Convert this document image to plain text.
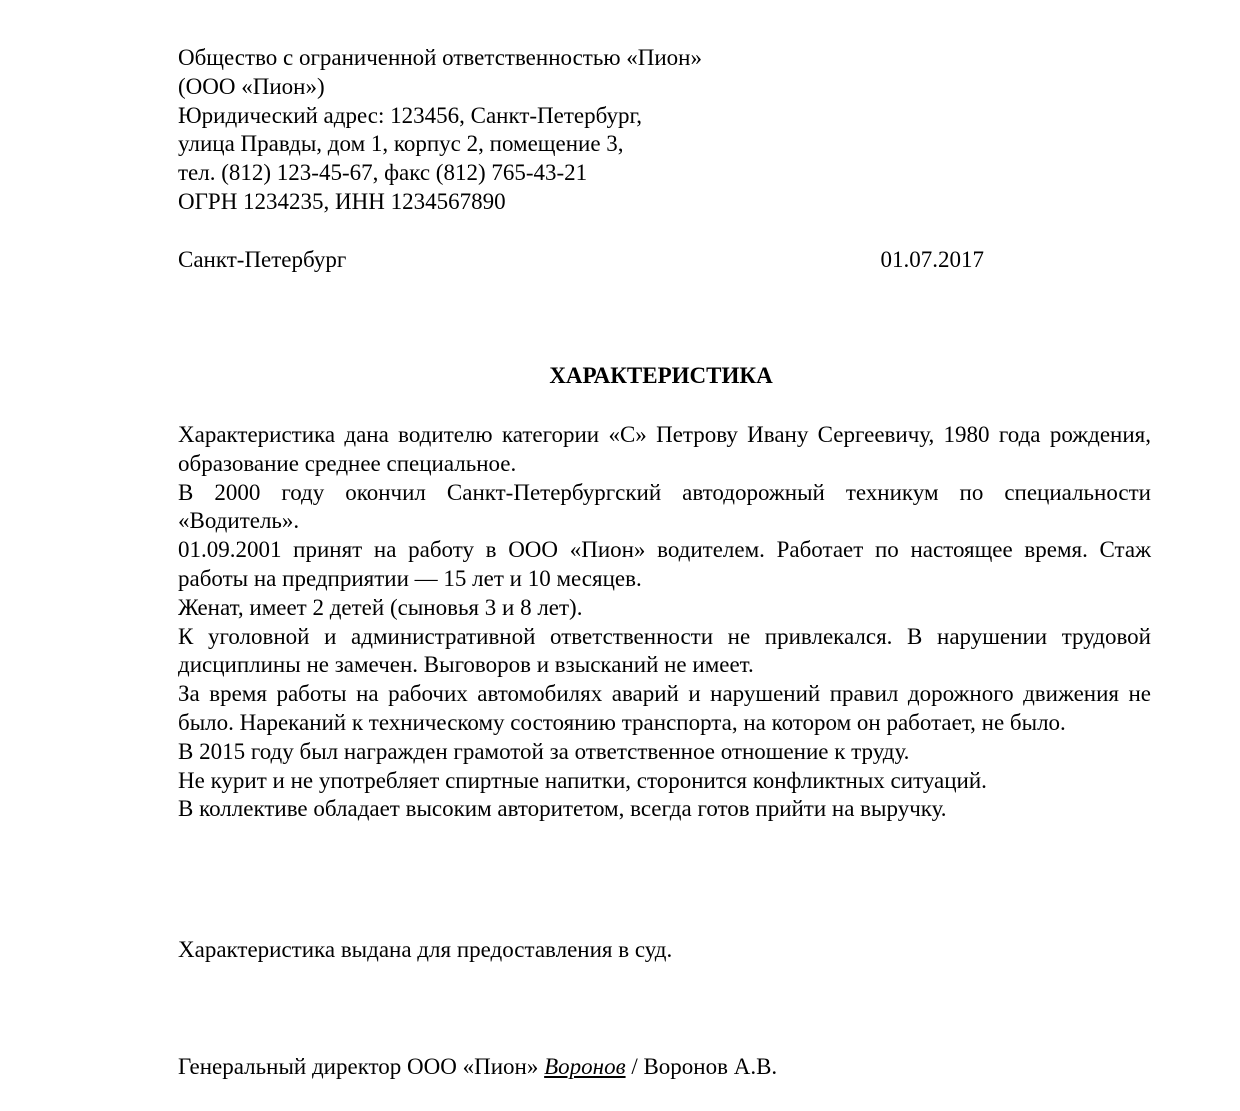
Общество с ограниченной ответственностью «Пион»
(ООО «Пион»)
Юридический адрес: 123456, Санкт-Петербург,
улица Правды, дом 1, корпус 2, помещение 3,
тел. (812) 123-45-67, факс (812) 765-43-21
ОГРН 1234235, ИНН 1234567890
Санкт-Петербург	01.07.2017
ХАРАКТЕРИСТИКА

Характеристика дана водителю категории «С» Петрову Ивану Сергеевичу, 1980 года рождения, образование среднее специальное.

В 2000 году окончил Санкт-Петербургский автодорожный техникум по специальности «Водитель».

01.09.2001 принят на работу в ООО «Пион» водителем. Работает по настоящее время. Стаж работы на предприятии — 15 лет и 10 месяцев.

Женат, имеет 2 детей (сыновья 3 и 8 лет).

К уголовной и административной ответственности не привлекался. В нарушении трудовой дисциплины не замечен. Выговоров и взысканий не имеет.

За время работы на рабочих автомобилях аварий и нарушений правил дорожного движения не было. Нареканий к техническому состоянию транспорта, на котором он работает, не было.

В 2015 году был награжден грамотой за ответственное отношение к труду.

Не курит и не употребляет спиртные напитки, сторонится конфликтных ситуаций.

В коллективе обладает высоким авторитетом, всегда готов прийти на выручку.

Характеристика выдана для предоставления в суд.
Генеральный директор ООО «Пион» Воронов / Воронов А.В.
